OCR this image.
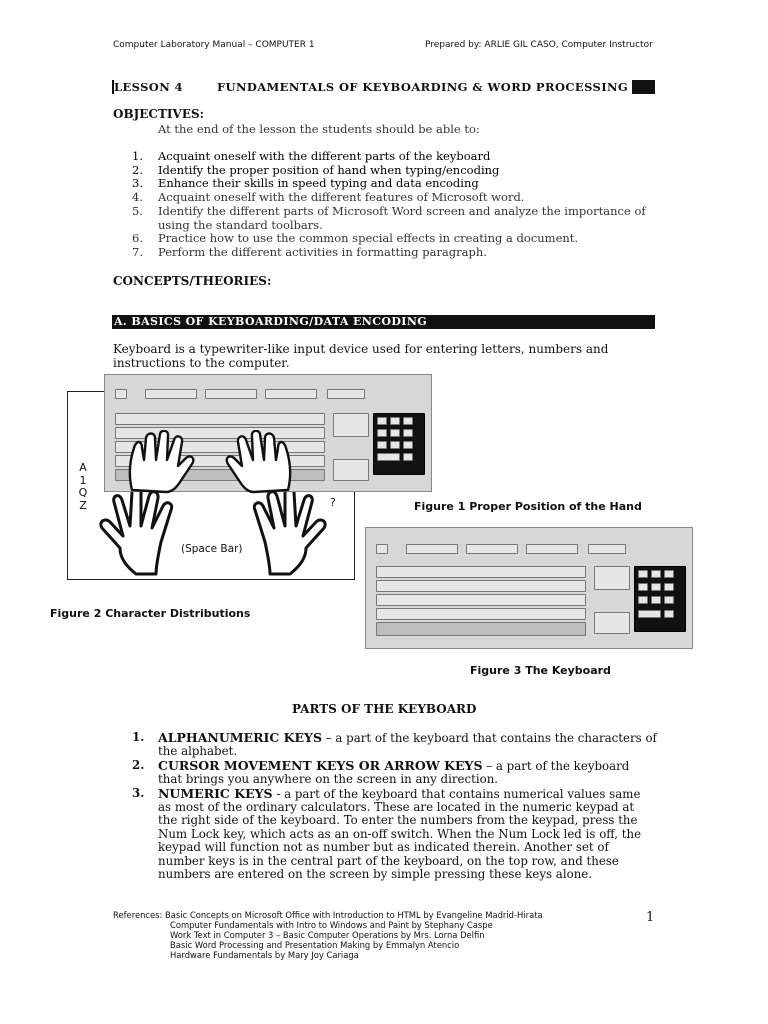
Computer Laboratory Manual – COMPUTER 1	Prepared by: ARLIE GIL CASO, Computer Instructor
LESSON 4	FUNDAMENTALS OF KEYBOARDING & WORD PROCESSING
OBJECTIVES:
At the end of the lesson the students should be able to:
1.	Acquaint oneself with the different parts of the keyboard
2.	Identify the proper position of hand when typing/encoding
3.	Enhance their skills in speed typing and data encoding
4.	Acquaint oneself with the different features of Microsoft word.
5.	Identify the different parts of Microsoft Word screen and analyze the importance of using the standard toolbars.
6.	Practice how to use the common special effects in creating a document.
7.	Perform the different activities in formatting paragraph.
CONCEPTS/THEORIES:
A. BASICS OF KEYBOARDING/DATA ENCODING
Keyboard is a typewriter-like input device used for entering letters, numbers and instructions to the computer.
A
1
Q
Z	?
(Space Bar)
Figure 1 Proper Position of the Hand
Figure 2 Character Distributions
Figure 3 The Keyboard
PARTS OF THE KEYBOARD
1.	ALPHANUMERIC KEYS – a part of the keyboard that contains the characters of the alphabet.
2.	CURSOR MOVEMENT KEYS OR ARROW KEYS – a part of the keyboard that brings you anywhere on the screen in any direction.
3.	NUMERIC KEYS - a part of the keyboard that contains numerical values same as most of the ordinary calculators. These are located in the numeric keypad at the right side of the keyboard. To enter the numbers from the keypad, press the Num Lock key, which acts as an on-off switch. When the Num Lock led is off, the keypad will function not as number but as indicated therein. Another set of number keys is in the central part of the keyboard, on the top row, and these numbers are entered on the screen by simple pressing these keys alone.
References: Basic Concepts on Microsoft Office with Introduction to HTML by Evangeline Madrid-Hirata
Computer Fundamentals with Intro to Windows and Paint by Stephany Caspe
Work Text in Computer 3 – Basic Computer Operations by Mrs. Lorna Delfin
Basic Word Processing and Presentation Making by Emmalyn Atencio
Hardware Fundamentals by Mary Joy Cariaga
1
